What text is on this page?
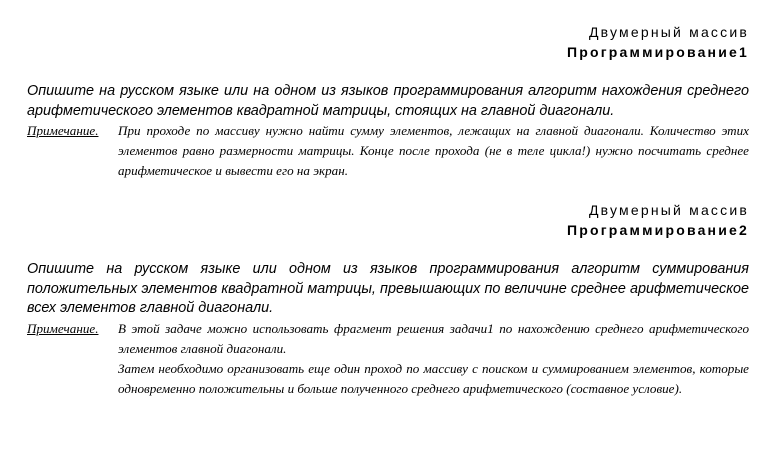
Двумерный массив
Программирование1
Опишите на русском языке или на одном из языков программирования алгоритм нахождения среднего арифметического элементов квадратной матрицы, стоящих на главной диагонали.
Примечание.	При проходе по массиву нужно найти сумму элементов, лежащих на главной диагонали. Количество этих элементов равно размерности матрицы. Конце после прохода (не в теле цикла!) нужно посчитать среднее арифметическое и вывести его на экран.

Двумерный массив
Программирование2
Опишите на русском языке или одном из языков программирования алгоритм суммирования положительных элементов квадратной матрицы, превышающих по величине среднее арифметическое всех элементов главной диагонали.
Примечание.	В этой задаче можно использовать фрагмент решения задачи1 по нахождению среднего арифметического элементов главной диагонали.

Затем необходимо организовать еще один проход по массиву с поиском и суммированием элементов, которые одновременно положительны и больше полученного среднего арифметического (составное условие).
